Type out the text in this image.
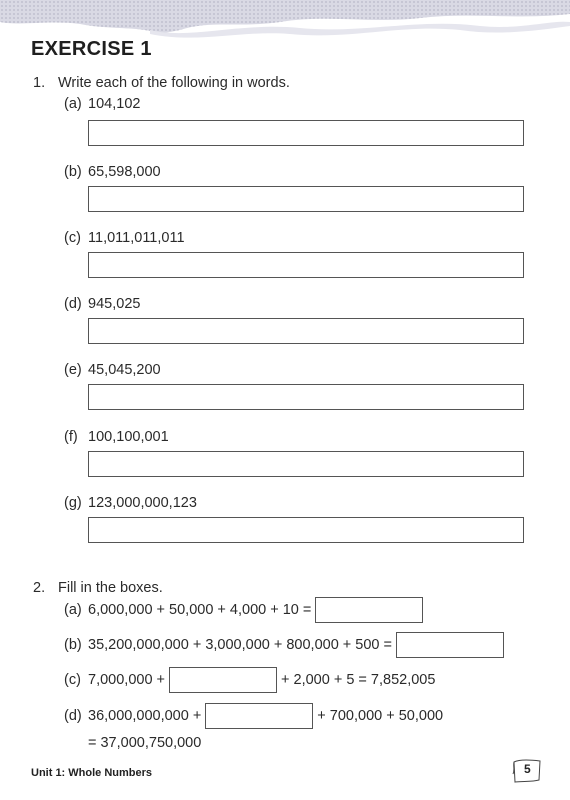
EXERCISE 1
1. Write each of the following in words.
(a) 104,102
(b) 65,598,000
(c) 11,011,011,011
(d) 945,025
(e) 45,045,200
(f) 100,100,001
(g) 123,000,000,123
2. Fill in the boxes.
(a) 6,000,000 + 50,000 + 4,000 + 10 =
(b) 35,200,000,000 + 3,000,000 + 800,000 + 500 =
(c) 7,000,000 +	+ 2,000 + 5 = 7,852,005
(d) 36,000,000,000 +	+ 700,000 + 50,000
= 37,000,750,000
Unit 1: Whole Numbers	5
